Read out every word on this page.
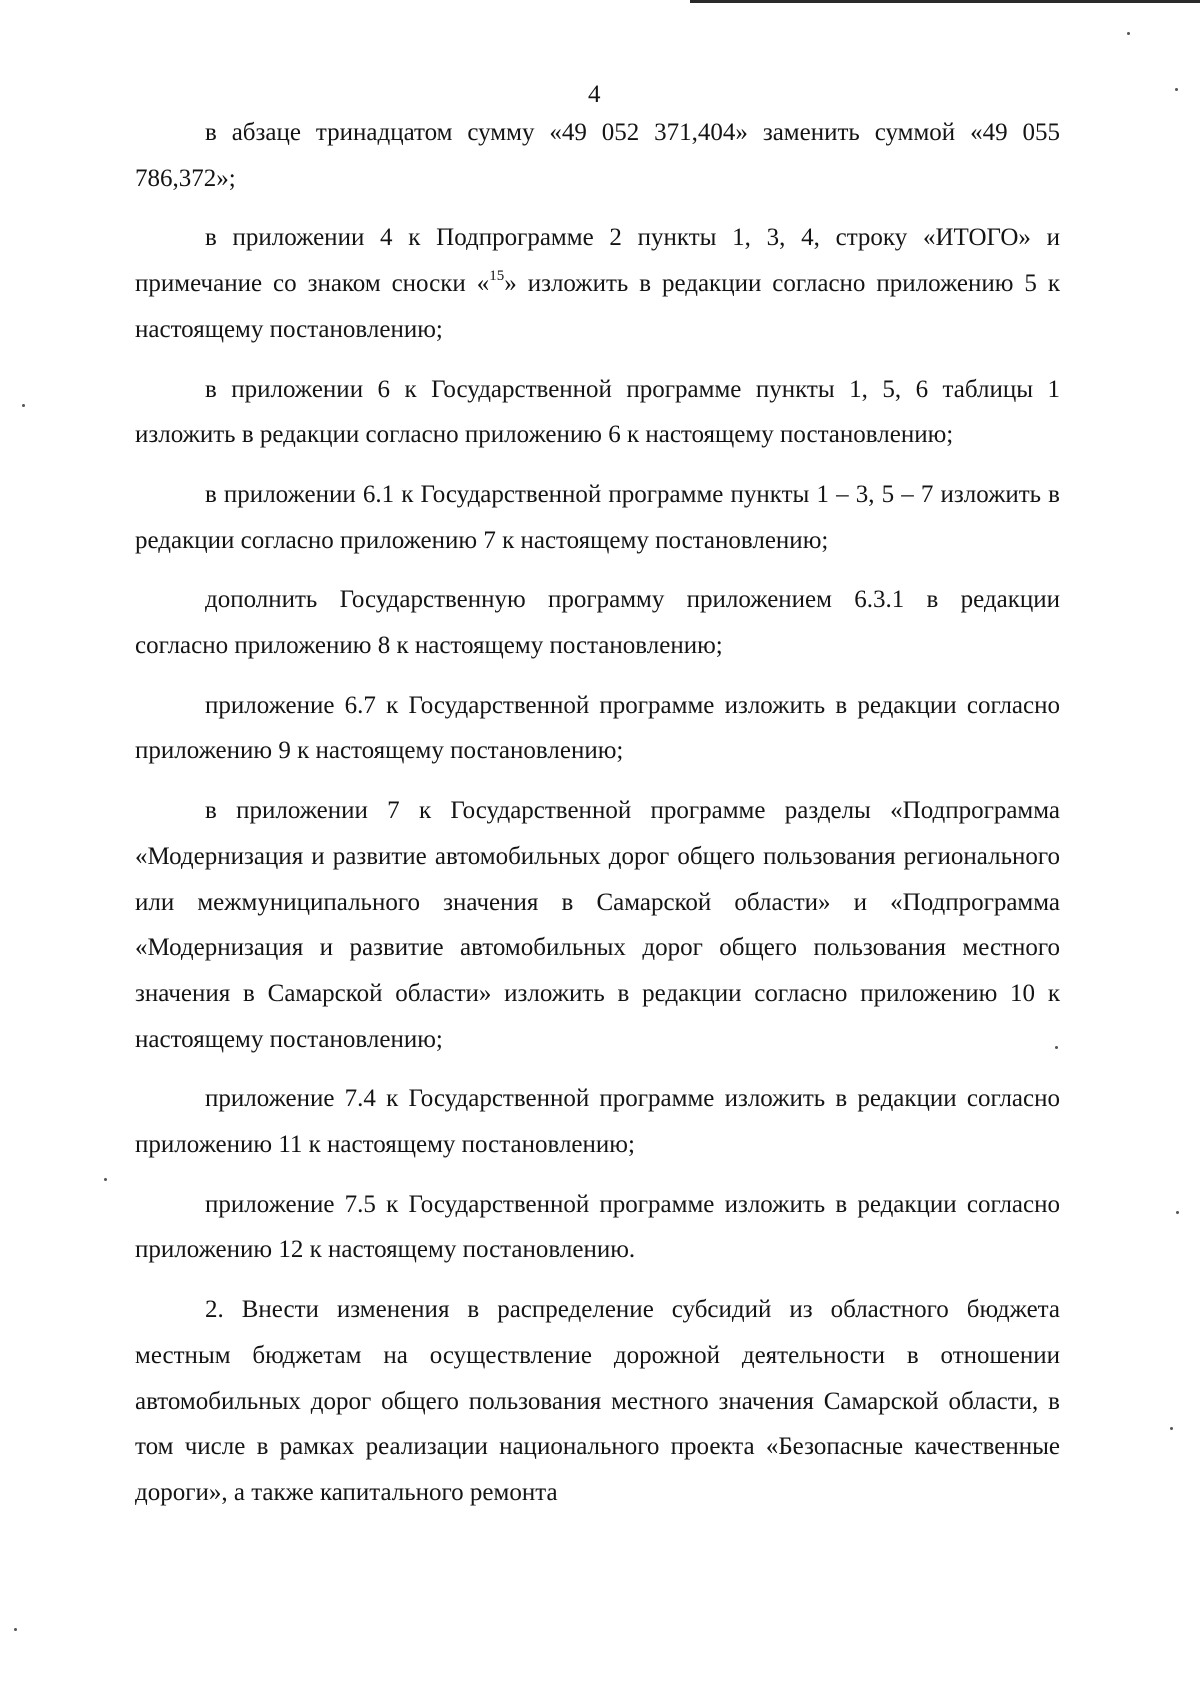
4

в абзаце тринадцатом сумму «49 052 371,404» заменить суммой «49 055 786,372»;

в приложении 4 к Подпрограмме 2 пункты 1, 3, 4, строку «ИТОГО» и примечание со знаком сноски «$^{15}$» изложить в редакции согласно приложению 5 к настоящему постановлению;

в приложении 6 к Государственной программе пункты 1, 5, 6 таблицы 1 изложить в редакции согласно приложению 6 к настоящему постановлению;

в приложении 6.1 к Государственной программе пункты 1 – 3, 5 – 7 изложить в редакции согласно приложению 7 к настоящему постановлению;

дополнить Государственную программу приложением 6.3.1 в редакции согласно приложению 8 к настоящему постановлению;

приложение 6.7 к Государственной программе изложить в редакции согласно приложению 9 к настоящему постановлению;

в приложении 7 к Государственной программе разделы «Подпрограмма «Модернизация и развитие автомобильных дорог общего пользования регионального или межмуниципального значения в Самарской области» и «Подпрограмма «Модернизация и развитие автомобильных дорог общего пользования местного значения в Самарской области» изложить в редакции согласно приложению 10 к настоящему постановлению;

приложение 7.4 к Государственной программе изложить в редакции согласно приложению 11 к настоящему постановлению;

приложение 7.5 к Государственной программе изложить в редакции согласно приложению 12 к настоящему постановлению.

2. Внести изменения в распределение субсидий из областного бюджета местным бюджетам на осуществление дорожной деятельности в отношении автомобильных дорог общего пользования местного значения Самарской области, в том числе в рамках реализации национального проекта «Безопасные качественные дороги», а также капитального ремонта
